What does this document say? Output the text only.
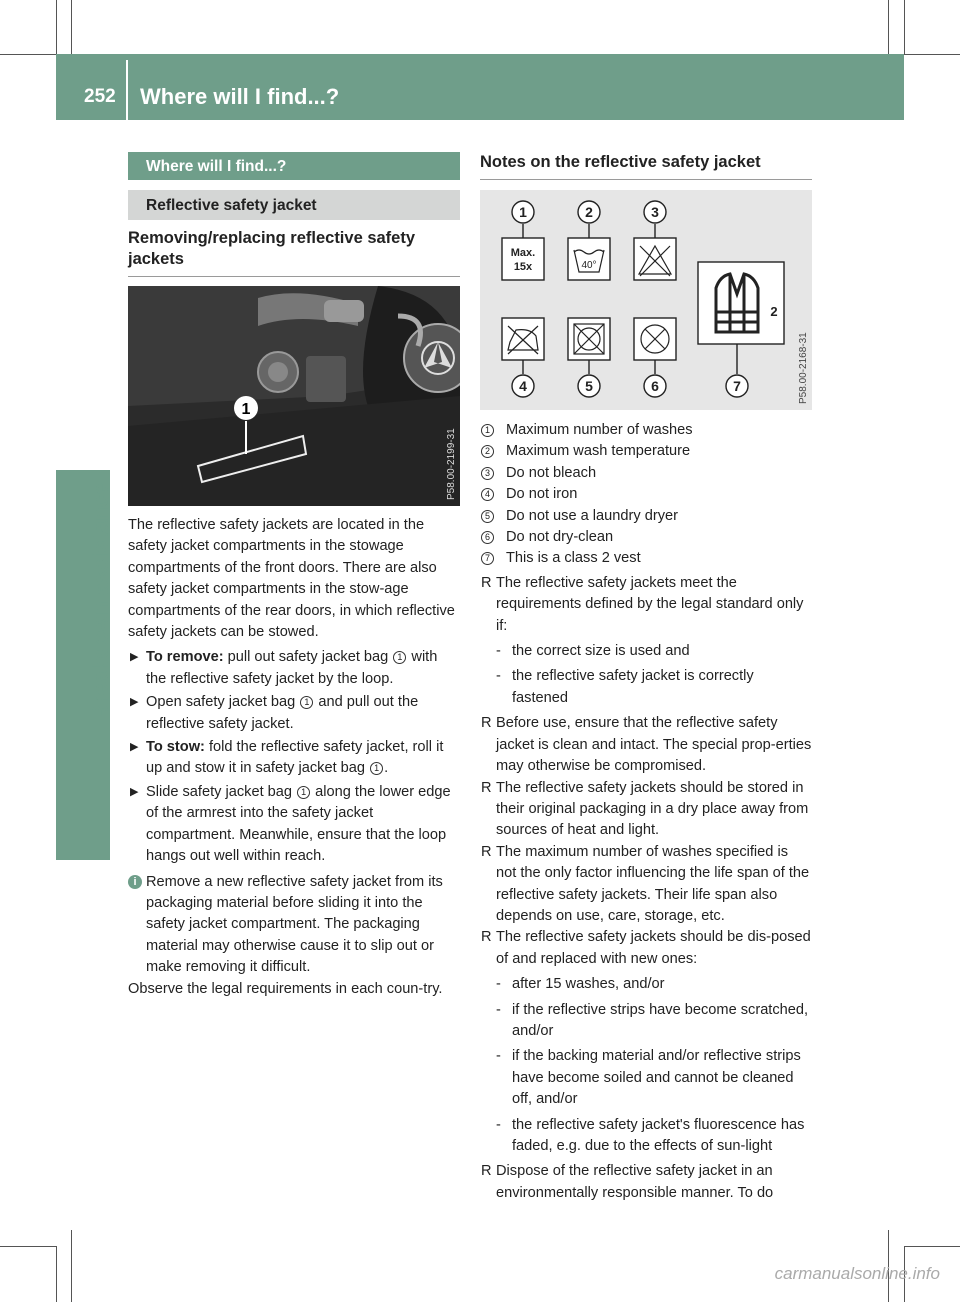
252 Where will I find...?
Breakdown assistance
Where will I find...?
Reflective safety jacket
Removing/replacing reflective safety jackets
1
P58.00-2199-31

The reflective safety jackets are located in the safety jacket compartments in the stowage compartments of the front doors. There are also safety jacket compartments in the stow-age compartments of the rear doors, in which reflective safety jackets can be stowed.

▶ To remove: pull out safety jacket bag 1 with the reflective safety jacket by the loop.
▶ Open safety jacket bag 1 and pull out the reflective safety jacket.
▶ To stow: fold the reflective safety jacket, roll it up and stow it in safety jacket bag 1 .
▶ Slide safety jacket bag 1 along the lower edge of the armrest into the safety jacket compartment. Meanwhile, ensure that the loop hangs out well within reach.
i Remove a new reflective safety jacket from its packaging material before sliding it into the safety jacket compartment. The packaging material may otherwise cause it to slip out or make removing it difficult.

Observe the legal requirements in each coun-try.

Notes on the reflective safety jacket
1	2	3
4	5	6	7
Max.
15x	40°
2
P58.00-2168-31
1 Maximum number of washes
2 Maximum wash temperature
3 Do not bleach
4 Do not iron
5 Do not use a laundry dryer
6 Do not dry-clean
7 This is a class 2 vest
R The reflective safety jackets meet the requirements defined by the legal standard only if:
- the correct size is used and
- the reflective safety jacket is correctly fastened
R Before use, ensure that the reflective safety jacket is clean and intact. The special prop-erties may otherwise be compromised.
R The reflective safety jackets should be stored in their original packaging in a dry place away from sources of heat and light.
R The maximum number of washes specified is not the only factor influencing the life span of the reflective safety jackets. Their life span also depends on use, care, storage, etc.
R The reflective safety jackets should be dis-posed of and replaced with new ones:
- after 15 washes, and/or
- if the reflective strips have become scratched, and/or
- if the backing material and/or reflective strips have become soiled and cannot be cleaned off, and/or
- the reflective safety jacket's fluorescence has faded, e.g. due to the effects of sun-light
R Dispose of the reflective safety jacket in an environmentally responsible manner. To do
carmanualsonline.info
